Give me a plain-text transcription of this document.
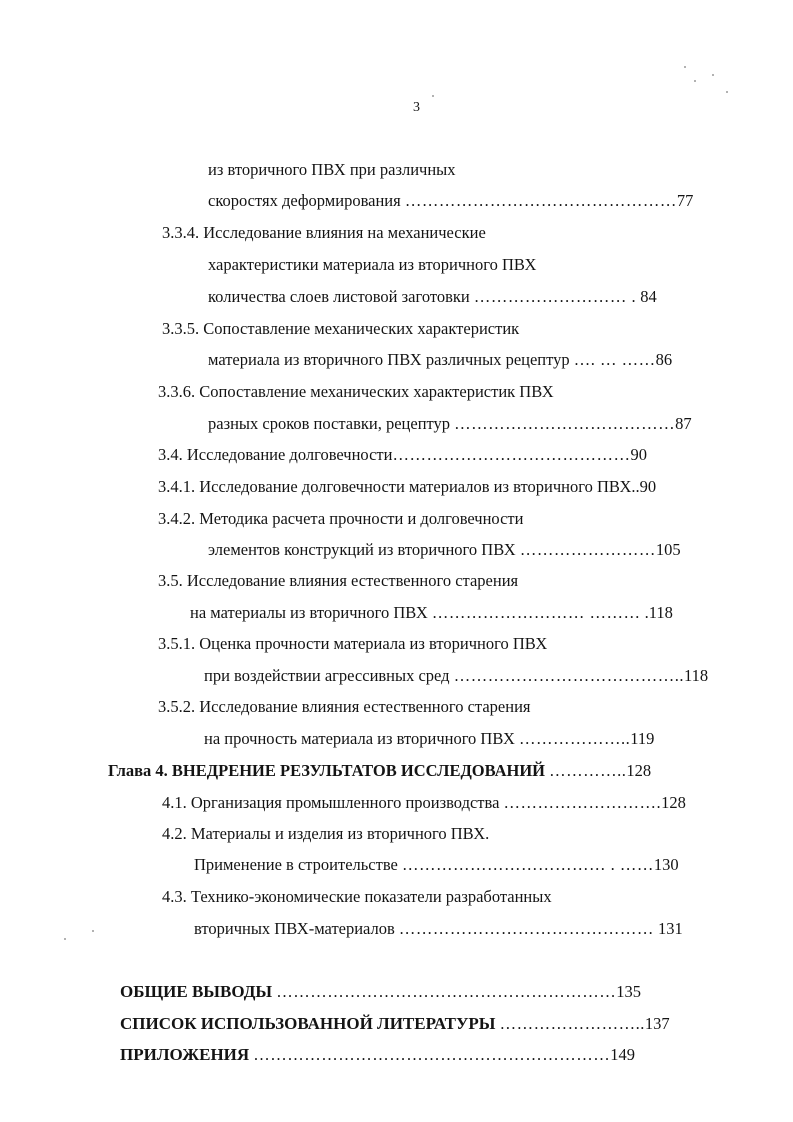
3
из вторичного ПВХ при различных
скоростях деформирования …………………………………………77
3.3.4. Исследование влияния на механические
характеристики материала из вторичного ПВХ
количества слоев листовой заготовки ……………………… . 84
3.3.5. Сопоставление механических характеристик
материала из вторичного ПВХ различных рецептур …. … ……86
3.3.6. Сопоставление механических характеристик ПВХ
разных сроков поставки, рецептур …………………………………87
3.4. Исследование долговечности……………………………………90
3.4.1. Исследование долговечности материалов из вторичного ПВХ..90
3.4.2. Методика расчета прочности и долговечности
элементов конструкций из вторичного ПВХ ……………………105
3.5. Исследование влияния естественного старения
на материалы из вторичного ПВХ ……………………… ……… .118
3.5.1. Оценка прочности материала из вторичного ПВХ
при воздействии агрессивных сред …………………………………..118
3.5.2. Исследование влияния естественного старения
на прочность материала из вторичного ПВХ ………………..119
Глава 4. ВНЕДРЕНИЕ РЕЗУЛЬТАТОВ ИССЛЕДОВАНИЙ …………..128
4.1. Организация промышленного производства ……………………….128
4.2. Материалы и изделия из вторичного ПВХ.
Применение в строительстве ……………………………… . ……130
4.3. Технико-экономические показатели разработанных
вторичных ПВХ-материалов ……………………………………… 131
ОБЩИЕ ВЫВОДЫ ……………………………………………………135
СПИСОК ИСПОЛЬЗОВАННОЙ ЛИТЕРАТУРЫ ……………………..137
ПРИЛОЖЕНИЯ ………………………………………………………149
